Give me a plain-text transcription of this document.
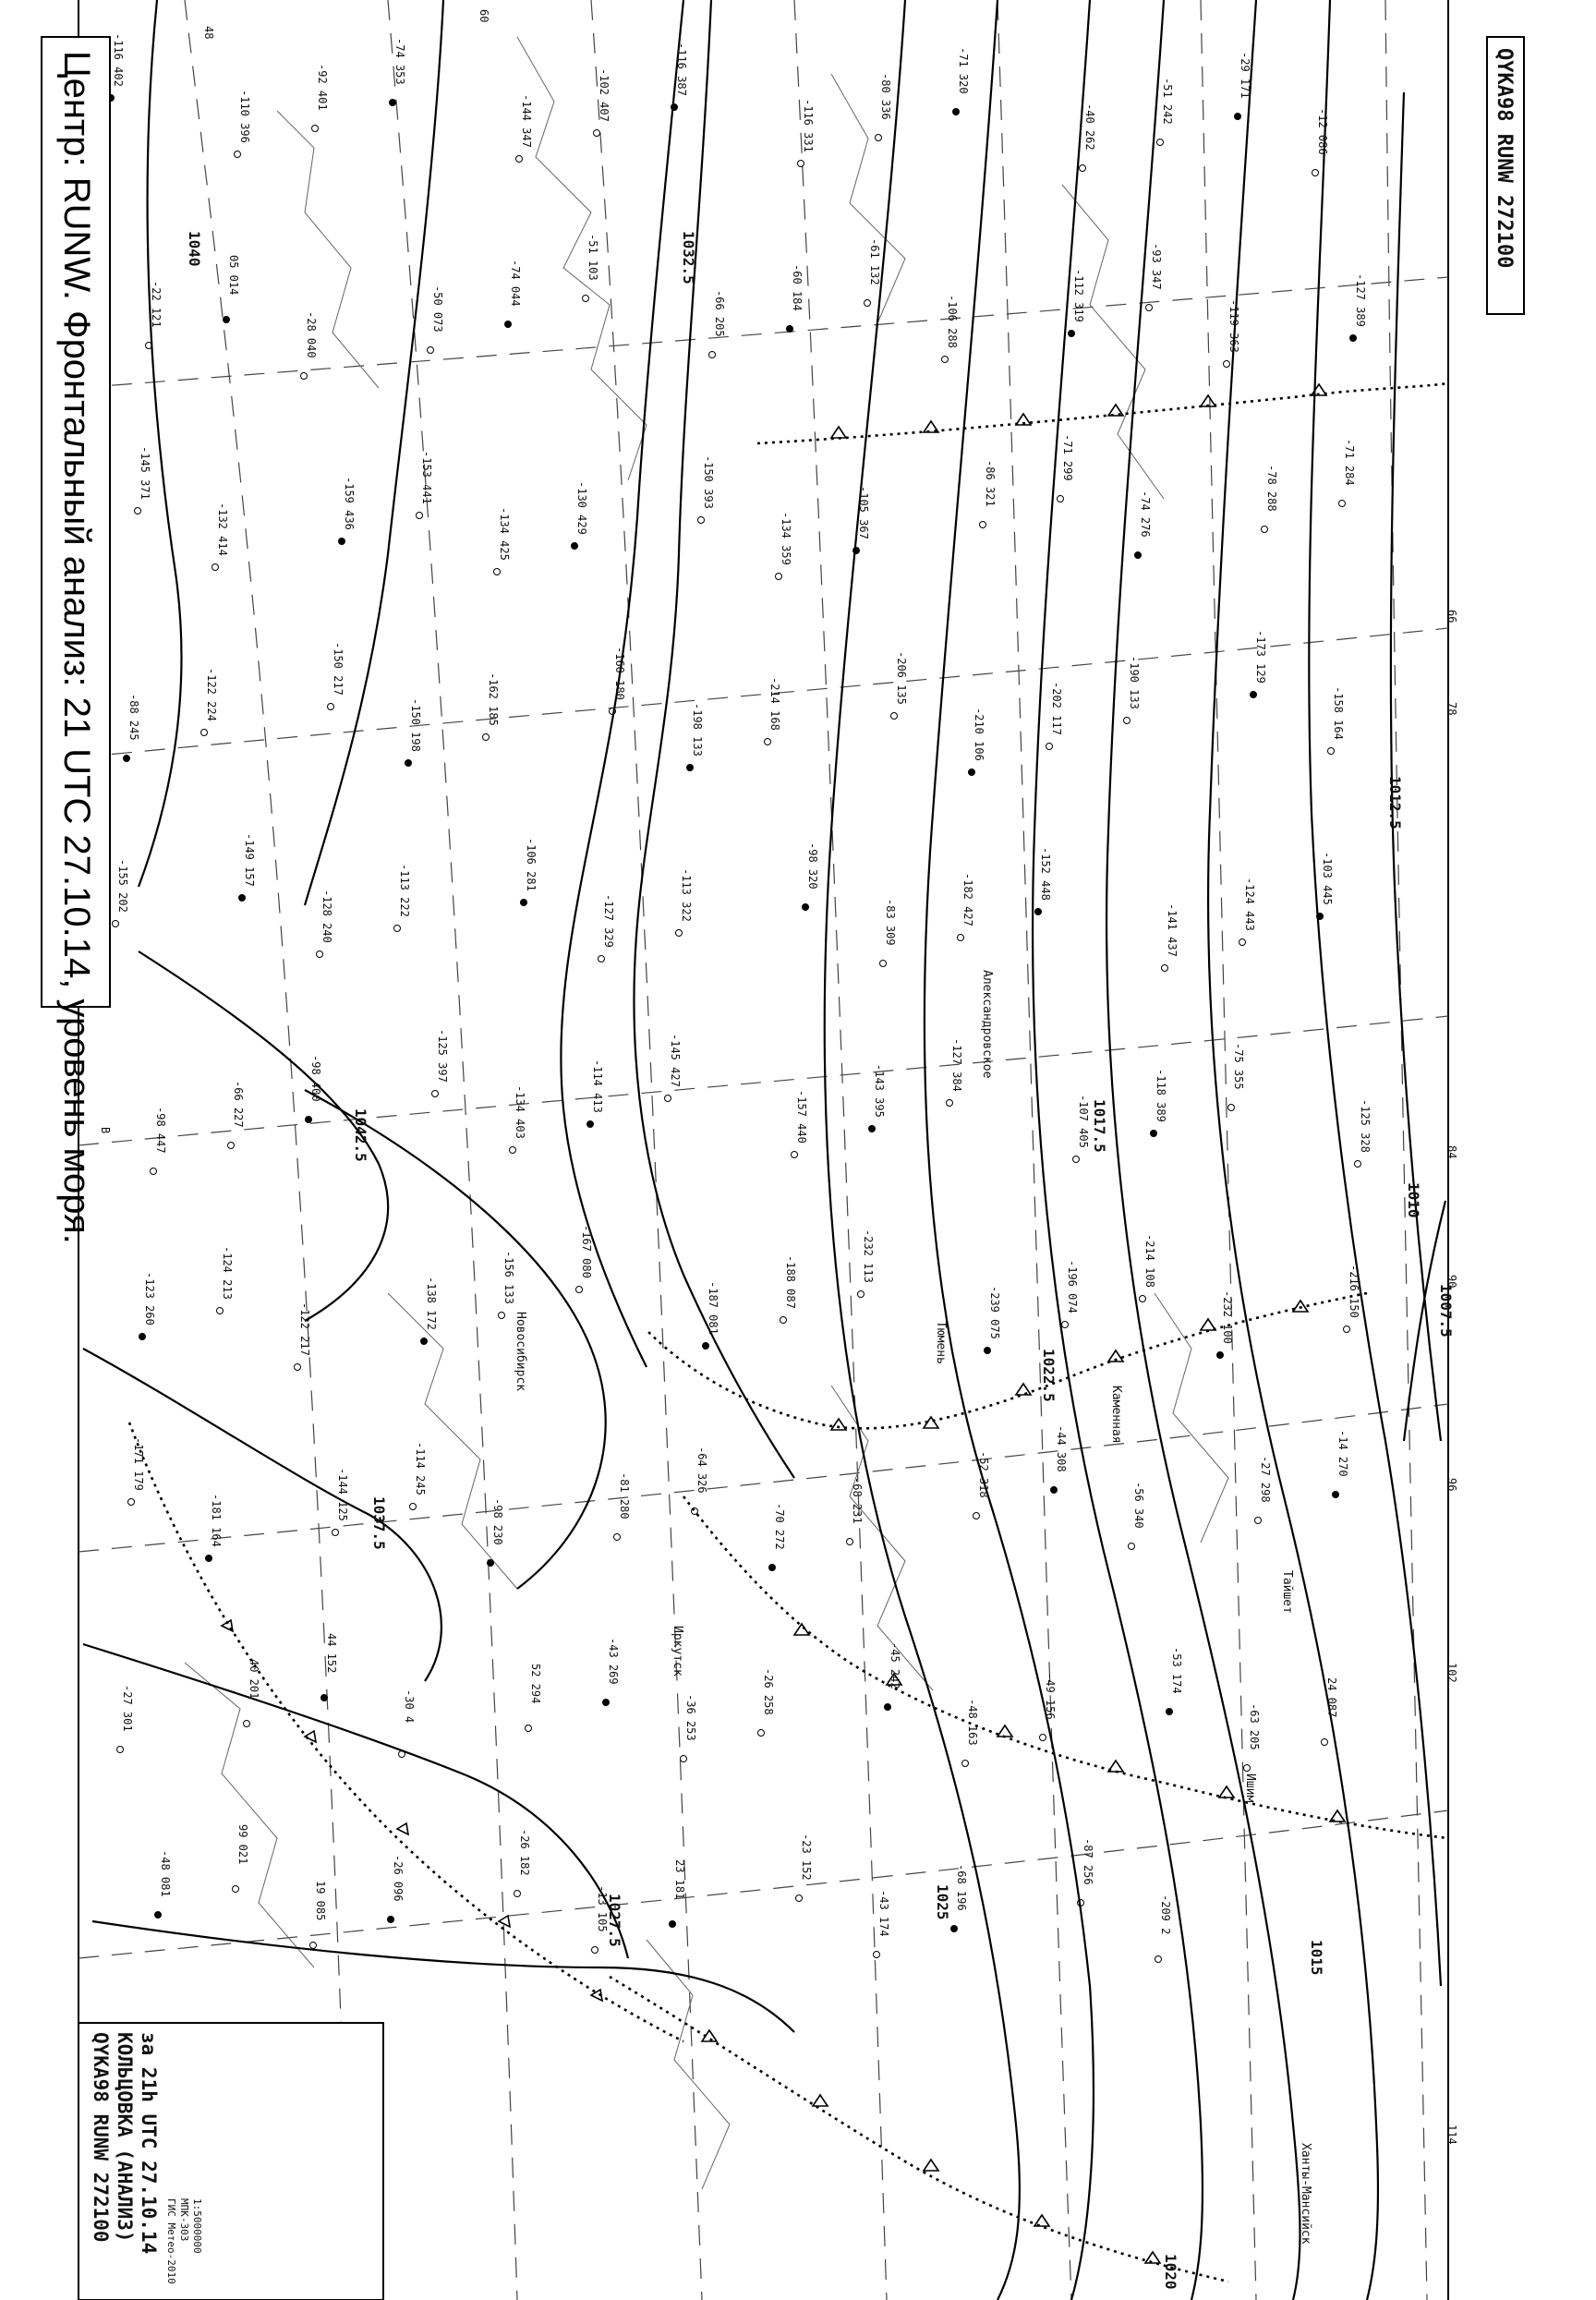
-116 402
-110 396
-92 401
-74 353
-144 347	-102 407	-116 387
-116 331
-80 336
-71 320
-40 262
-51 242
-29 171
-12 086
-22 121
05 014
-28 040
-50 073
-74 044
-51 103
-66 205
-60 184
-61 132
-106 288	-112 319
-93 347
-119 363	-127 389
-145 371
-132 414	-159 436	-153 441
-134 425	-130 429	-150 393
-134 359	-105 367
-86 321
-71 299
-74 276
-78 288
-71 284
-88 245	-122 224	-150 217
-150 198	-162 185	-160 180
-198 133	-214 168	-206 135
-210 106	-202 117	-190 133	-173 129
-158 164
-155 202	-149 157
-128 240	-113 222	-106 281
-127 329	-113 322
-98 320
-83 309	-182 427	-152 448
-141 437	-124 443	-103 445
-98 447
-66 227
-98 400	-125 397
-134 403	-114 413	-145 427
-157 440	-143 395	-127 384
-107 405	-118 389
-75 355
-125 328
-123 260	-124 213
-122 217	-138 172	-156 133	-167 080
-187 081	-188 087	-232 113
-239 075	-196 074	-214 108
-232 100	-216 150
-171 179
-181 164	-144 125	-114 245
-98 230
-81 280
-64 326
-70 272
-68 231
-52 318
-44 308
-56 340
-27 298
-14 270
-27 301
40 201
44 152
-30 4
52 294	-43 269
-36 253
-26 258
-45 242
-48 163
-49 156
-53 174
-63 205
24 087
-48 081
99 021
19 085	-26 096
-26 182
-13 105
23 181	-23 152
-43 174
-68 196
-87 256
-209 2
1040
1042.5
1037.5
1032.5
1027.5	1025
1022.5
1017.5
1012.5
1010
1007.5
1015
1020
Тайшет
Ишим
Александровское
Каменная
Ханты-Мансийск
Новосибирск	Тюмень
Иркутск
48
60
66
78
84
90
96
102
114
B
Центр: RUNW. Фронтальный анализ: 21 UTC 27.10.14, уровень моря.	QYKA98 RUNW 272100
QYKA98 RUNW 272100 КОЛЬЦОВКА (АНАЛИЗ) за 21h UTC 27.10.14 ГИС Метео-2010 МПК-303 1:5000000
